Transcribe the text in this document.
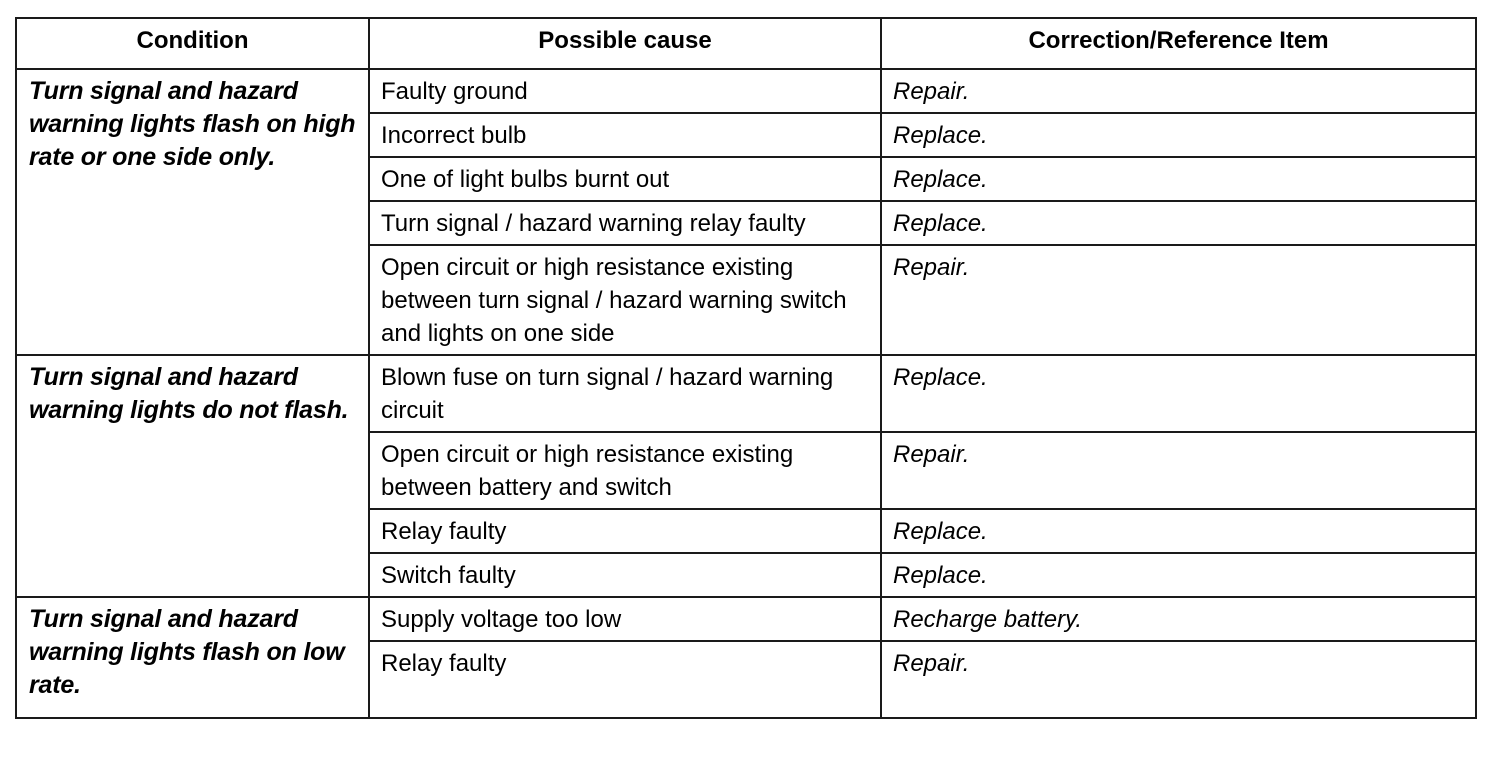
Condition	Possible cause	Correction/Reference Item
Turn signal and hazard warning lights flash on high rate or one side only.	Faulty ground	Repair.
	Incorrect bulb	Replace.
	One of light bulbs burnt out	Replace.
	Turn signal / hazard warning relay faulty	Replace.
	Open circuit or high resistance existing between turn signal / hazard warning switch and lights on one side	Repair.
Turn signal and hazard warning lights do not flash.	Blown fuse on turn signal / hazard warning circuit	Replace.
	Open circuit or high resistance existing between battery and switch	Repair.
	Relay faulty	Replace.
	Switch faulty	Replace.
Turn signal and hazard warning lights flash on low rate.	Supply voltage too low	Recharge battery.
	Relay faulty	Repair.
